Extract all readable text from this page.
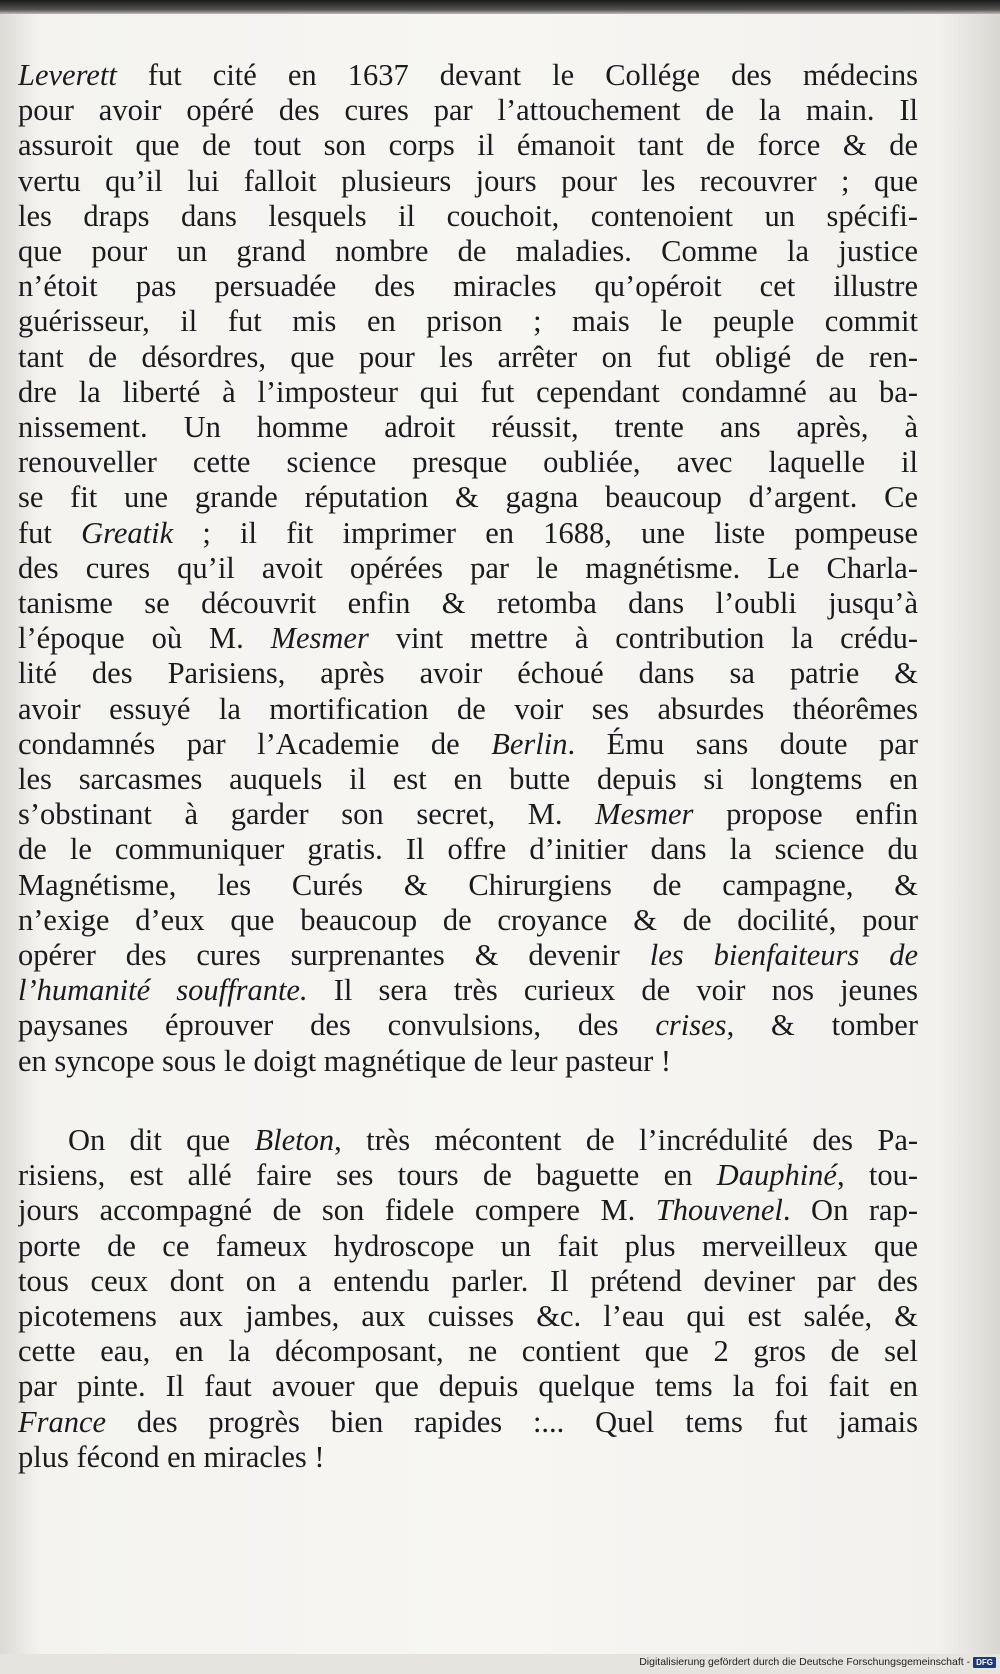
Leverett fut cité en 1637 devant le Collége des médecins
pour avoir opéré des cures par l’attouchement de la main. Il
assuroit que de tout son corps il émanoit tant de force & de
vertu qu’il lui falloit plusieurs jours pour les recouvrer ; que
les draps dans lesquels il couchoit, contenoient un spécifi-
que pour un grand nombre de maladies. Comme la justice
n’étoit pas persuadée des miracles qu’opéroit cet illustre
guérisseur, il fut mis en prison ; mais le peuple commit
tant de désordres, que pour les arrêter on fut obligé de ren-
dre la liberté à l’imposteur qui fut cependant condamné au ba-
nissement. Un homme adroit réussit, trente ans après, à
renouveller cette science presque oubliée, avec laquelle il
se fit une grande réputation & gagna beaucoup d’argent. Ce
fut Greatik ; il fit imprimer en 1688, une liste pompeuse
des cures qu’il avoit opérées par le magnétisme. Le Charla-
tanisme se découvrit enfin & retomba dans l’oubli jusqu’à
l’époque où M. Mesmer vint mettre à contribution la crédu-
lité des Parisiens, après avoir échoué dans sa patrie &
avoir essuyé la mortification de voir ses absurdes théorêmes
condamnés par l’Academie de Berlin. Ému sans doute par
les sarcasmes auquels il est en butte depuis si longtems en
s’obstinant à garder son secret, M. Mesmer propose enfin
de le communiquer gratis. Il offre d’initier dans la science du
Magnétisme, les Curés & Chirurgiens de campagne, &
n’exige d’eux que beaucoup de croyance & de docilité, pour
opérer des cures surprenantes & devenir les bienfaiteurs de
l’humanité souffrante. Il sera très curieux de voir nos jeunes
paysanes éprouver des convulsions, des crises, & tomber
en syncope sous le doigt magnétique de leur pasteur !
On dit que Bleton, très mécontent de l’incrédulité des Pa-
risiens, est allé faire ses tours de baguette en Dauphiné, tou-
jours accompagné de son fidele compere M. Thouvenel. On rap-
porte de ce fameux hydroscope un fait plus merveilleux que
tous ceux dont on a entendu parler. Il prétend deviner par des
picotemens aux jambes, aux cuisses &c. l’eau qui est salée, &
cette eau, en la décomposant, ne contient que 2 gros de sel
par pinte. Il faut avouer que depuis quelque tems la foi fait en
France des progrès bien rapides :... Quel tems fut jamais
plus fécond en miracles !
Digitalisierung gefördert durch die Deutsche Forschungsgemeinschaft - DFG
